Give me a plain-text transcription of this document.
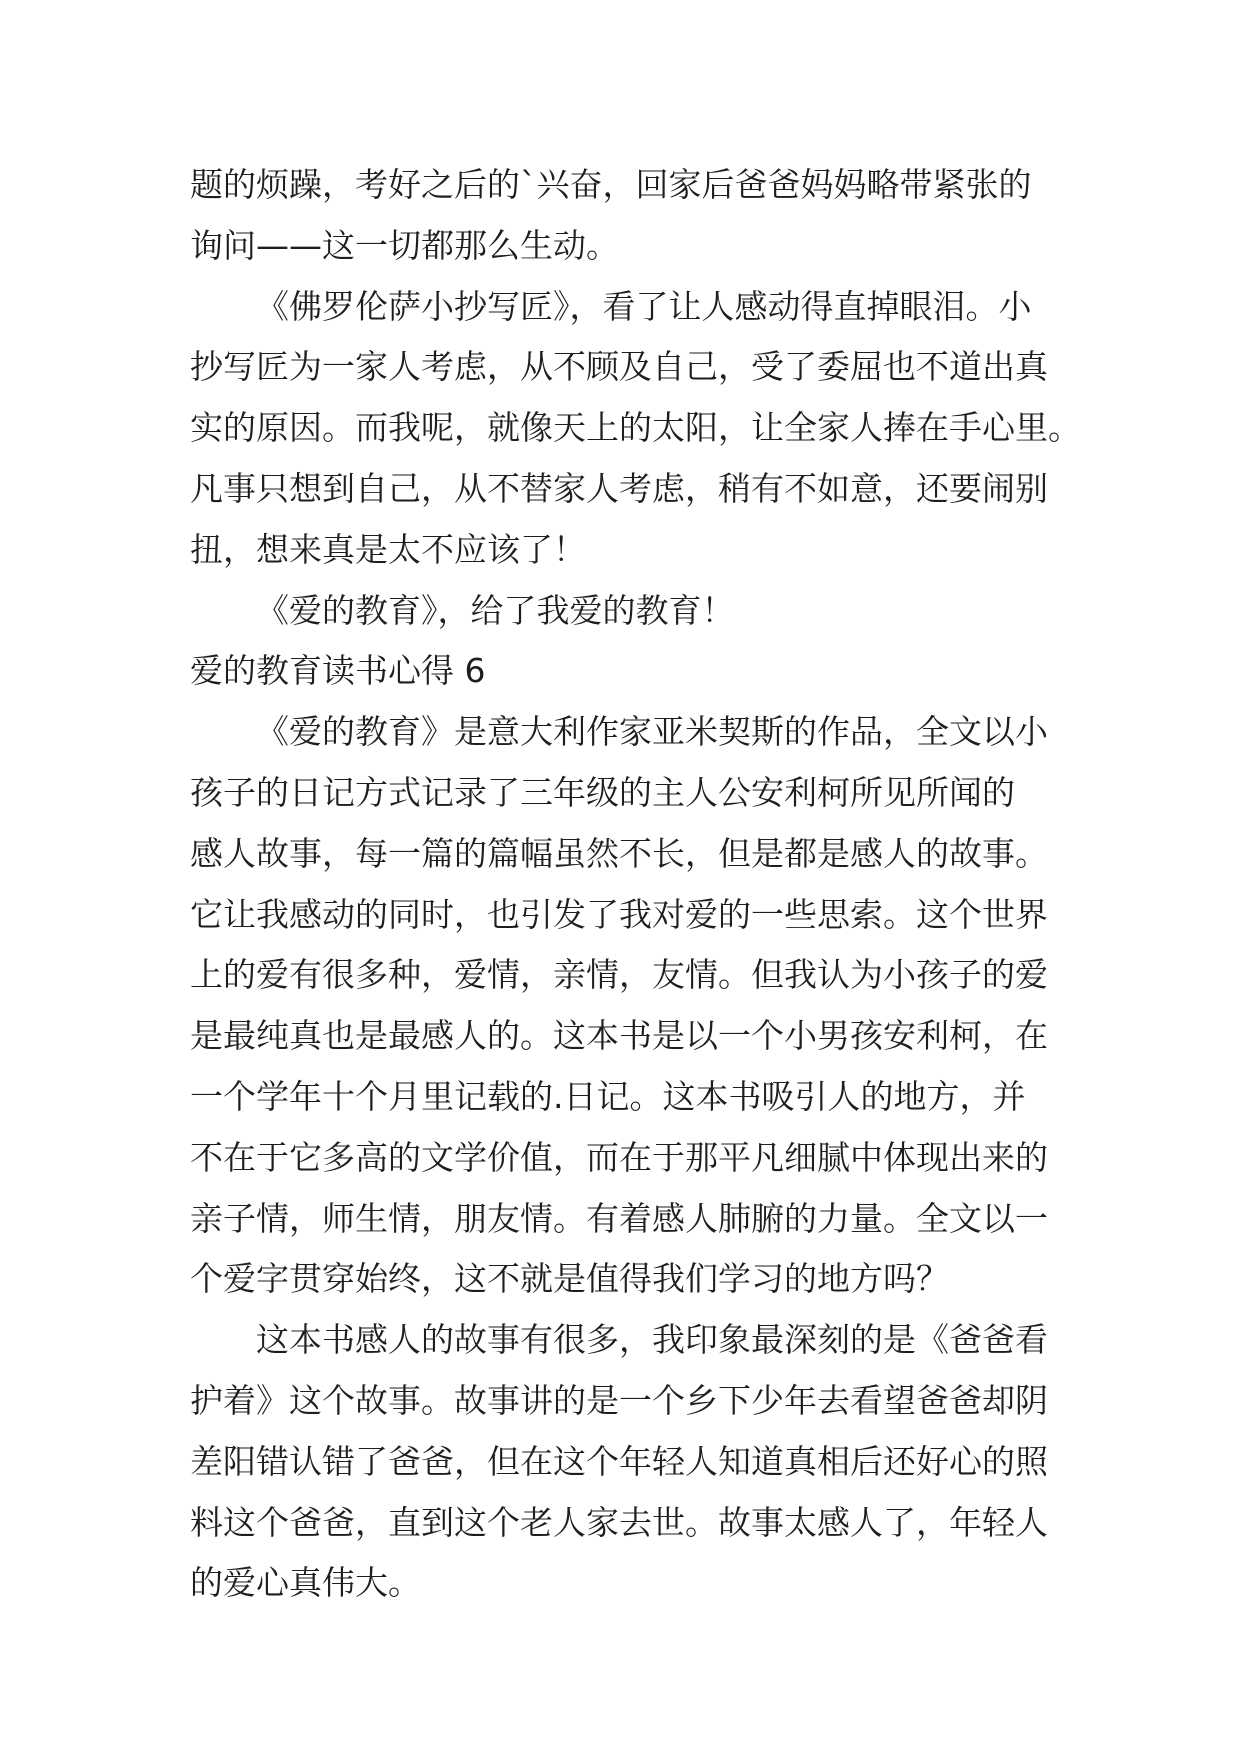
题的烦躁，考好之后的`兴奋，回家后爸爸妈妈略带紧张的
询问——这一切都那么生动。
《佛罗伦萨小抄写匠》，看了让人感动得直掉眼泪。小
抄写匠为一家人考虑，从不顾及自己，受了委屈也不道出真
实的原因。而我呢，就像天上的太阳，让全家人捧在手心里。
凡事只想到自己，从不替家人考虑，稍有不如意，还要闹别
扭，想来真是太不应该了！
《爱的教育》，给了我爱的教育！
爱的教育读书心得 6
《爱的教育》是意大利作家亚米契斯的作品，全文以小
孩子的日记方式记录了三年级的主人公安利柯所见所闻的
感人故事，每一篇的篇幅虽然不长，但是都是感人的故事。
它让我感动的同时，也引发了我对爱的一些思索。这个世界
上的爱有很多种，爱情，亲情，友情。但我认为小孩子的爱
是最纯真也是最感人的。这本书是以一个小男孩安利柯，在
一个学年十个月里记载的.日记。这本书吸引人的地方，并
不在于它多高的文学价值，而在于那平凡细腻中体现出来的
亲子情，师生情，朋友情。有着感人肺腑的力量。全文以一
个爱字贯穿始终，这不就是值得我们学习的地方吗？
这本书感人的故事有很多，我印象最深刻的是《爸爸看
护着》这个故事。故事讲的是一个乡下少年去看望爸爸却阴
差阳错认错了爸爸，但在这个年轻人知道真相后还好心的照
料这个爸爸，直到这个老人家去世。故事太感人了，年轻人
的爱心真伟大。
